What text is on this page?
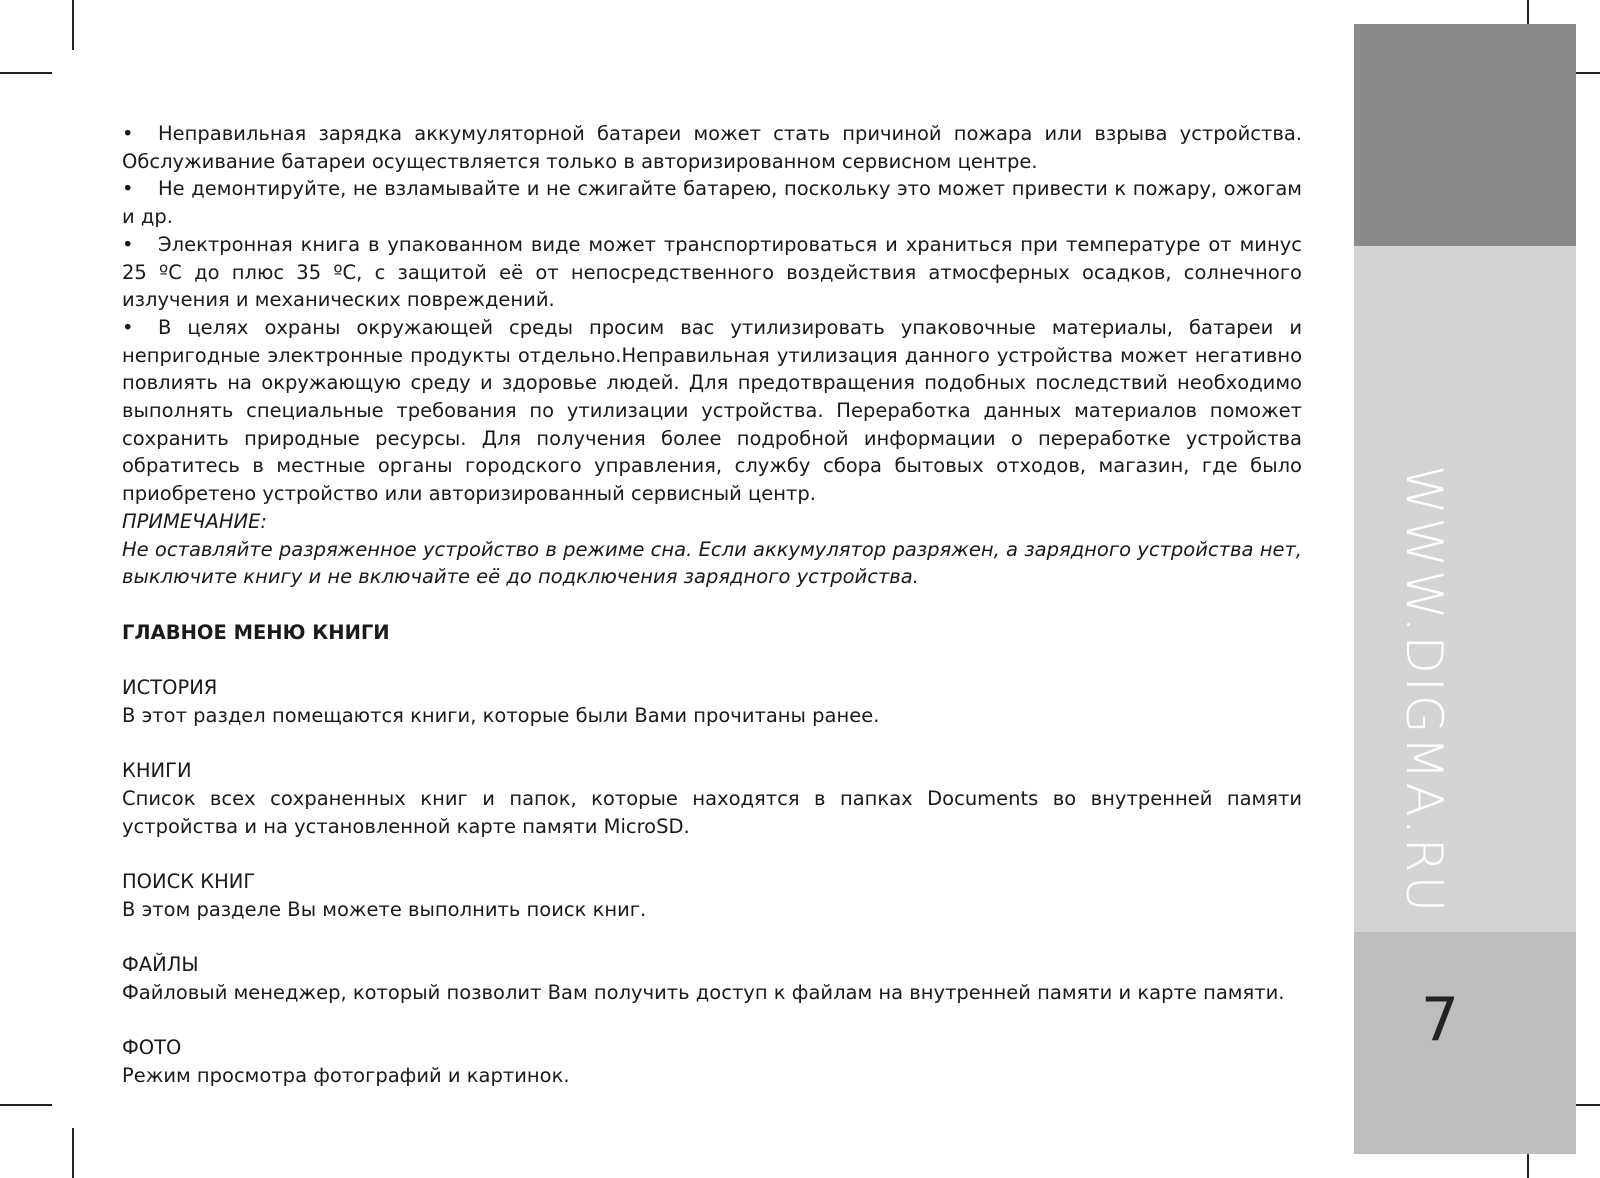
WWW.DIGMA.RU
7

• Неправильная зарядка аккумуляторной батареи может стать причиной пожара или взрыва устройства. Обслуживание батареи осуществляется только в авторизированном сервисном центре.

• Не демонтируйте, не взламывайте и не сжигайте батарею, поскольку это может привести к пожару, ожогам и др.

• Электронная книга в упакованном виде может транспортироваться и храниться при температуре от минус 25 ºС до плюс 35 ºС, с защитой её от непосредственного воздействия атмосферных осадков, солнечного излучения и механических повреждений.

• В целях охраны окружающей среды просим вас утилизировать упаковочные материалы, батареи и непригодные электронные продукты отдельно.Неправильная утилизация данного устройства может негативно повлиять на окружающую среду и здоровье людей. Для предотвращения подобных последствий необходимо выполнять специальные требования по утилизации устройства. Переработка данных материалов поможет сохранить природные ресурсы. Для получения более подробной информации о переработке устройства обратитесь в местные органы городского управления, службу сбора бытовых отходов, магазин, где было приобретено устройство или авторизированный сервисный центр.

ПРИМЕЧАНИЕ:

Не оставляйте разряженное устройство в режиме сна. Если аккумулятор разряжен, а зарядного устройства нет, выключите книгу и не включайте её до подключения зарядного устройства.

ГЛАВНОЕ МЕНЮ КНИГИ

ИСТОРИЯ

В этот раздел помещаются книги, которые были Вами прочитаны ранее.

КНИГИ

Список всех сохраненных книг и папок, которые находятся в папках Documents во внутренней памяти устройства и на установленной карте памяти MicroSD.

ПОИСК КНИГ

В этом разделе Вы можете выполнить поиск книг.

ФАЙЛЫ

Файловый менеджер, который позволит Вам получить доступ к файлам на внутренней памяти и карте памяти.

ФОТО

Режим просмотра фотографий и картинок.
